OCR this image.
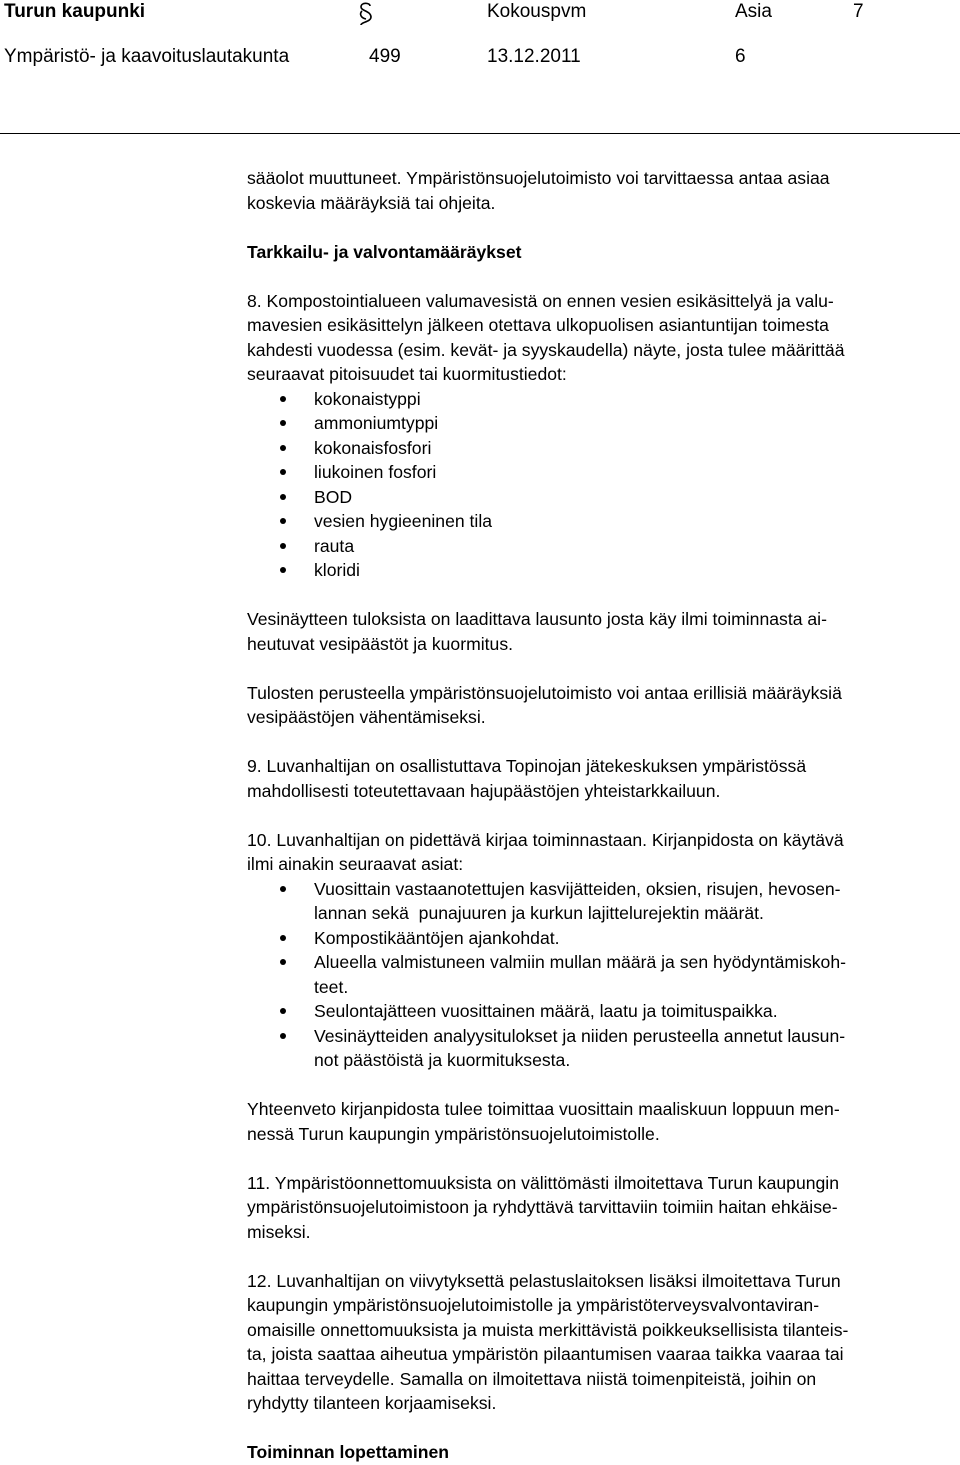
Turun kaupunki	Kokouspvm	Asia	7
Ympäristö- ja kaavoituslautakunta	499	13.12.2011	6

sääolot muuttuneet. Ympäristönsuojelutoimisto voi tarvittaessa antaa asiaa
koskevia määräyksiä tai ohjeita.

Tarkkailu- ja valvontamääräykset

8. Kompostointialueen valumavesistä on ennen vesien esikäsittelyä ja valu-
mavesien esikäsittelyn jälkeen otettava ulkopuolisen asiantuntijan toimesta
kahdesti vuodessa (esim. kevät- ja syyskaudella) näyte, josta tulee määrittää
seuraavat pitoisuudet tai kuormitustiedot:

kokonaistyppi
ammoniumtyppi
kokonaisfosfori
liukoinen fosfori
BOD
vesien hygieeninen tila
rauta
kloridi

Vesinäytteen tuloksista on laadittava lausunto josta käy ilmi toiminnasta ai-
heutuvat vesipäästöt ja kuormitus.

Tulosten perusteella ympäristönsuojelutoimisto voi antaa erillisiä määräyksiä
vesipäästöjen vähentämiseksi.

9. Luvanhaltijan on osallistuttava Topinojan jätekeskuksen ympäristössä
mahdollisesti toteutettavaan hajupäästöjen yhteistarkkailuun.

10. Luvanhaltijan on pidettävä kirjaa toiminnastaan. Kirjanpidosta on käytävä
ilmi ainakin seuraavat asiat:

Vuosittain vastaanotettujen kasvijätteiden, oksien, risujen, hevosen-
lannan sekä  punajuuren ja kurkun lajittelurejektin määrät.
Kompostikääntöjen ajankohdat.
Alueella valmistuneen valmiin mullan määrä ja sen hyödyntämiskoh-
teet.
Seulontajätteen vuosittainen määrä, laatu ja toimituspaikka.
Vesinäytteiden analyysitulokset ja niiden perusteella annetut lausun-
not päästöistä ja kuormituksesta.

Yhteenveto kirjanpidosta tulee toimittaa vuosittain maaliskuun loppuun men-
nessä Turun kaupungin ympäristönsuojelutoimistolle.

11. Ympäristöonnettomuuksista on välittömästi ilmoitettava Turun kaupungin
ympäristönsuojelutoimistoon ja ryhdyttävä tarvittaviin toimiin haitan ehkäise-
miseksi.

12. Luvanhaltijan on viivytyksettä pelastuslaitoksen lisäksi ilmoitettava Turun
kaupungin ympäristönsuojelutoimistolle ja ympäristöterveysvalvontaviran-
omaisille onnettomuuksista ja muista merkittävistä poikkeuksellisista tilanteis-
ta, joista saattaa aiheutua ympäristön pilaantumisen vaaraa taikka vaaraa tai
haittaa terveydelle. Samalla on ilmoitettava niistä toimenpiteistä, joihin on
ryhdytty tilanteen korjaamiseksi.

Toiminnan lopettaminen
